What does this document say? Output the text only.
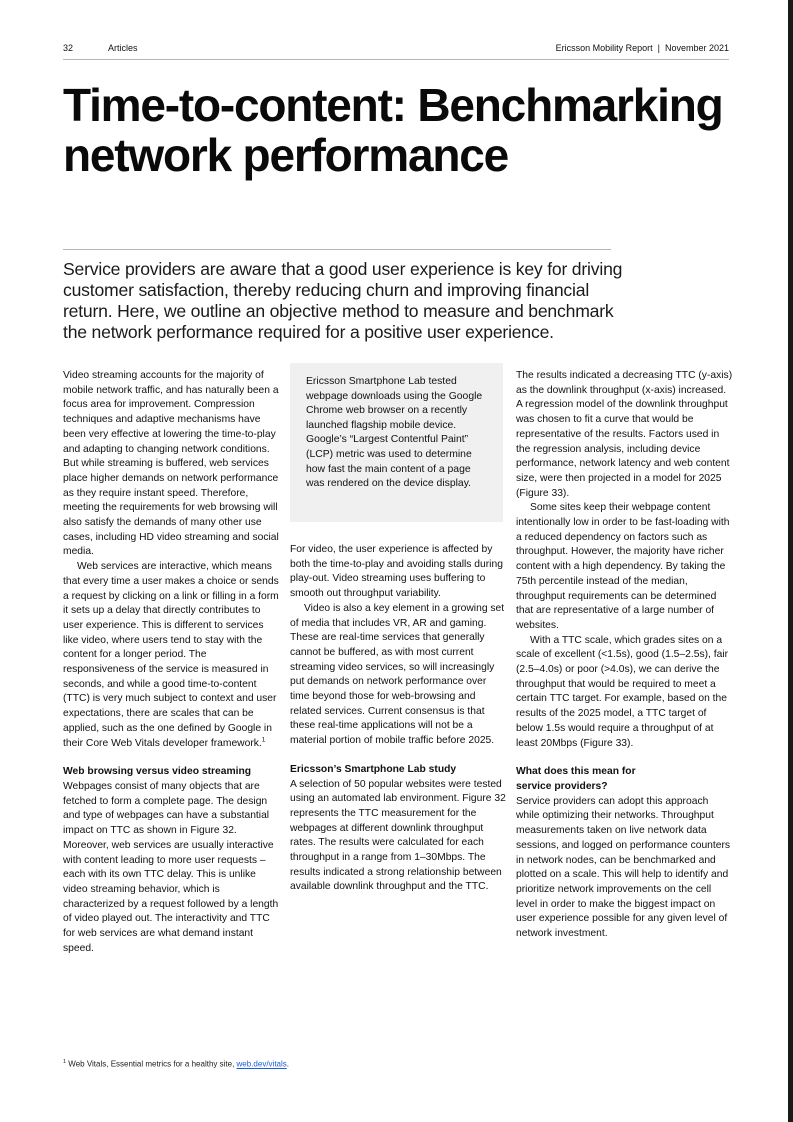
32	Articles	Ericsson Mobility Report  |  November 2021
Time-to-content: Benchmarking network performance

Service providers are aware that a good user experience is key for driving customer satisfaction, thereby reducing churn and improving financial return. Here, we outline an objective method to measure and benchmark the network performance required for a positive user experience.

Video streaming accounts for the majority of mobile network traffic, and has naturally been a focus area for improvement. Compression techniques and adaptive mechanisms have been very effective at lowering the time-to-play and adapting to changing network conditions. But while streaming is buffered, web services place higher demands on network performance as they require instant speed. Therefore, meeting the requirements for web browsing will also satisfy the demands of many other use cases, including HD video streaming and social media.

Web services are interactive, which means that every time a user makes a choice or sends a request by clicking on a link or filling in a form it sets up a delay that directly contributes to user experience. This is different to services like video, where users tend to stay with the content for a longer period. The responsiveness of the service is measured in seconds, and while a good time-to-content (TTC) is very much subject to context and user expectations, there are scales that can be applied, such as the one defined by Google in their Core Web Vitals developer framework.$^1$

Web browsing versus video streaming

Webpages consist of many objects that are fetched to form a complete page. The design and type of webpages can have a substantial impact on TTC as shown in Figure 32. Moreover, web services are usually interactive with content leading to more user requests – each with its own TTC delay. This is unlike video streaming behavior, which is characterized by a request followed by a length of video played out. The interactivity and TTC for web services are what demand instant speed.

Ericsson Smartphone Lab tested webpage downloads using the Google Chrome web browser on a recently launched flagship mobile device. Google’s “Largest Contentful Paint” (LCP) metric was used to determine how fast the main content of a page was rendered on the device display.

For video, the user experience is affected by both the time-to-play and avoiding stalls during play-out. Video streaming uses buffering to smooth out throughput variability.

Video is also a key element in a growing set of media that includes VR, AR and gaming. These are real-time services that generally cannot be buffered, as with most current streaming video services, so will increasingly put demands on network performance over time beyond those for web-browsing and related services. Current consensus is that these real-time applications will not be a material portion of mobile traffic before 2025.

Ericsson’s Smartphone Lab study

A selection of 50 popular websites were tested using an automated lab environment. Figure 32 represents the TTC measurement for the webpages at different downlink throughput rates. The results were calculated for each throughput in a range from 1–30Mbps. The results indicated a strong relationship between available downlink throughput and the TTC.

The results indicated a decreasing TTC (y-axis) as the downlink throughput (x-axis) increased. A regression model of the downlink throughput was chosen to fit a curve that would be representative of the results. Factors used in the regression analysis, including device performance, network latency and web content size, were then projected in a model for 2025 (Figure 33).

Some sites keep their webpage content intentionally low in order to be fast-loading with a reduced dependency on factors such as throughput. However, the majority have richer content with a high dependency. By taking the 75th percentile instead of the median, throughput requirements can be determined that are representative of a large number of websites.

With a TTC scale, which grades sites on a scale of excellent (<1.5s), good (1.5–2.5s), fair (2.5–4.0s) or poor (>4.0s), we can derive the throughput that would be required to meet a certain TTC target. For example, based on the results of the 2025 model, a TTC target of below 1.5s would require a throughput of at least 20Mbps (Figure 33).

What does this mean for service providers?

Service providers can adopt this approach while optimizing their networks. Throughput measurements taken on live network data sessions, and logged on performance counters in network nodes, can be benchmarked and plotted on a scale. This will help to identify and prioritize network improvements on the cell level in order to make the biggest impact on user experience possible for any given level of network investment.

$^1$ Web Vitals, Essential metrics for a healthy site, web.dev/vitals.
